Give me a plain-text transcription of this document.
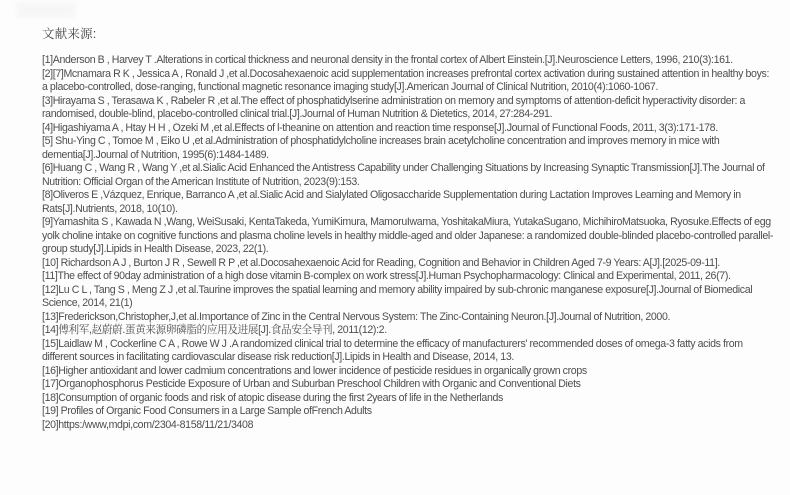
文献来源:
[1]Anderson B , Harvey T .Alterations in cortical thickness and neuronal density in the frontal cortex of Albert Einstein.[J].Neuroscience Letters, 1996, 210(3):161.
[2][7]Mcnamara R K , Jessica A , Ronald J ,et al.Docosahexaenoic acid supplementation increases prefrontal cortex activation during sustained attention in healthy boys: a placebo-controlled, dose-ranging, functional magnetic resonance imaging study[J].American Journal of Clinical Nutrition, 2010(4):1060-1067.
[3]Hirayama S , Terasawa K , Rabeler R ,et al.The effect of phosphatidylserine administration on memory and symptoms of attention-deficit hyperactivity disorder: a randomised, double-blind, placebo-controlled clinical trial.[J].Journal of Human Nutrition & Dietetics, 2014, 27:284-291.
[4]Higashiyama A , Htay H H , Ozeki M ,et al.Effects of l-theanine on attention and reaction time response[J].Journal of Functional Foods, 2011, 3(3):171-178.
[5] Shu-Ying C , Tomoe M , Eiko U ,et al.Administration of phosphatidylcholine increases brain acetylcholine concentration and improves memory in mice with dementia[J].Journal of Nutrition, 1995(6):1484-1489.
[6]Huang C , Wang R , Wang Y ,et al.Sialic Acid Enhanced the Antistress Capability under Challenging Situations by Increasing Synaptic Transmission[J].The Journal of Nutrition: Official Organ of the American Institute of Nutrition, 2023(9):153.
[8]Oliveros E ,Vázquez, Enrique, Barranco A ,et al.Sialic Acid and Sialylated Oligosaccharide Supplementation during Lactation Improves Learning and Memory in Rats[J].Nutrients, 2018, 10(10).
[9]Yamashita S , Kawada N ,Wang, WeiSusaki, KentaTakeda, YumiKimura, MamoruIwama, YoshitakaMiura, YutakaSugano, MichihiroMatsuoka, Ryosuke.Effects of egg yolk choline intake on cognitive functions and plasma choline levels in healthy middle-aged and older Japanese: a randomized double-blinded placebo-controlled parallel-group study[J].Lipids in Health Disease, 2023, 22(1).
[10] Richardson A J , Burton J R , Sewell R P ,et al.Docosahexaenoic Acid for Reading, Cognition and Behavior in Children Aged 7-9 Years: A[J].[2025-09-11].
[11]The effect of 90day administration of a high dose vitamin B-complex on work stress[J].Human Psychopharmacology: Clinical and Experimental, 2011, 26(7).
[12]Lu C L , Tang S , Meng Z J ,et al.Taurine improves the spatial learning and memory ability impaired by sub-chronic manganese exposure[J].Journal of Biomedical Science, 2014, 21(1)
[13]Frederickson,Christopher,J,et al.Importance of Zinc in the Central Nervous System: The Zinc-Containing Neuron.[J].Journal of Nutrition, 2000.
[14]傅利军,赵蔚蔚.蛋黄来源卵磷脂的应用及进展[J].食品安全导刊, 2011(12):2.
[15]Laidlaw M , Cockerline C A , Rowe W J .A randomized clinical trial to determine the efficacy of manufacturers' recommended doses of omega-3 fatty acids from different sources in facilitating cardiovascular disease risk reduction[J].Lipids in Health and Disease, 2014, 13.
[16]Higher antioxidant and lower cadmium concentrations and lower incidence of pesticide residues in organically grown crops
[17]Organophosphorus Pesticide Exposure of Urban and Suburban Preschool Children with Organic and Conventional Diets
[18]Consumption of organic foods and risk of atopic disease during the first 2years of life in the Netherlands
[19] Profiles of Organic Food Consumers in a Large Sample ofFrench Adults
[20]https:/www,mdpi,com/2304-8158/11/21/3408
